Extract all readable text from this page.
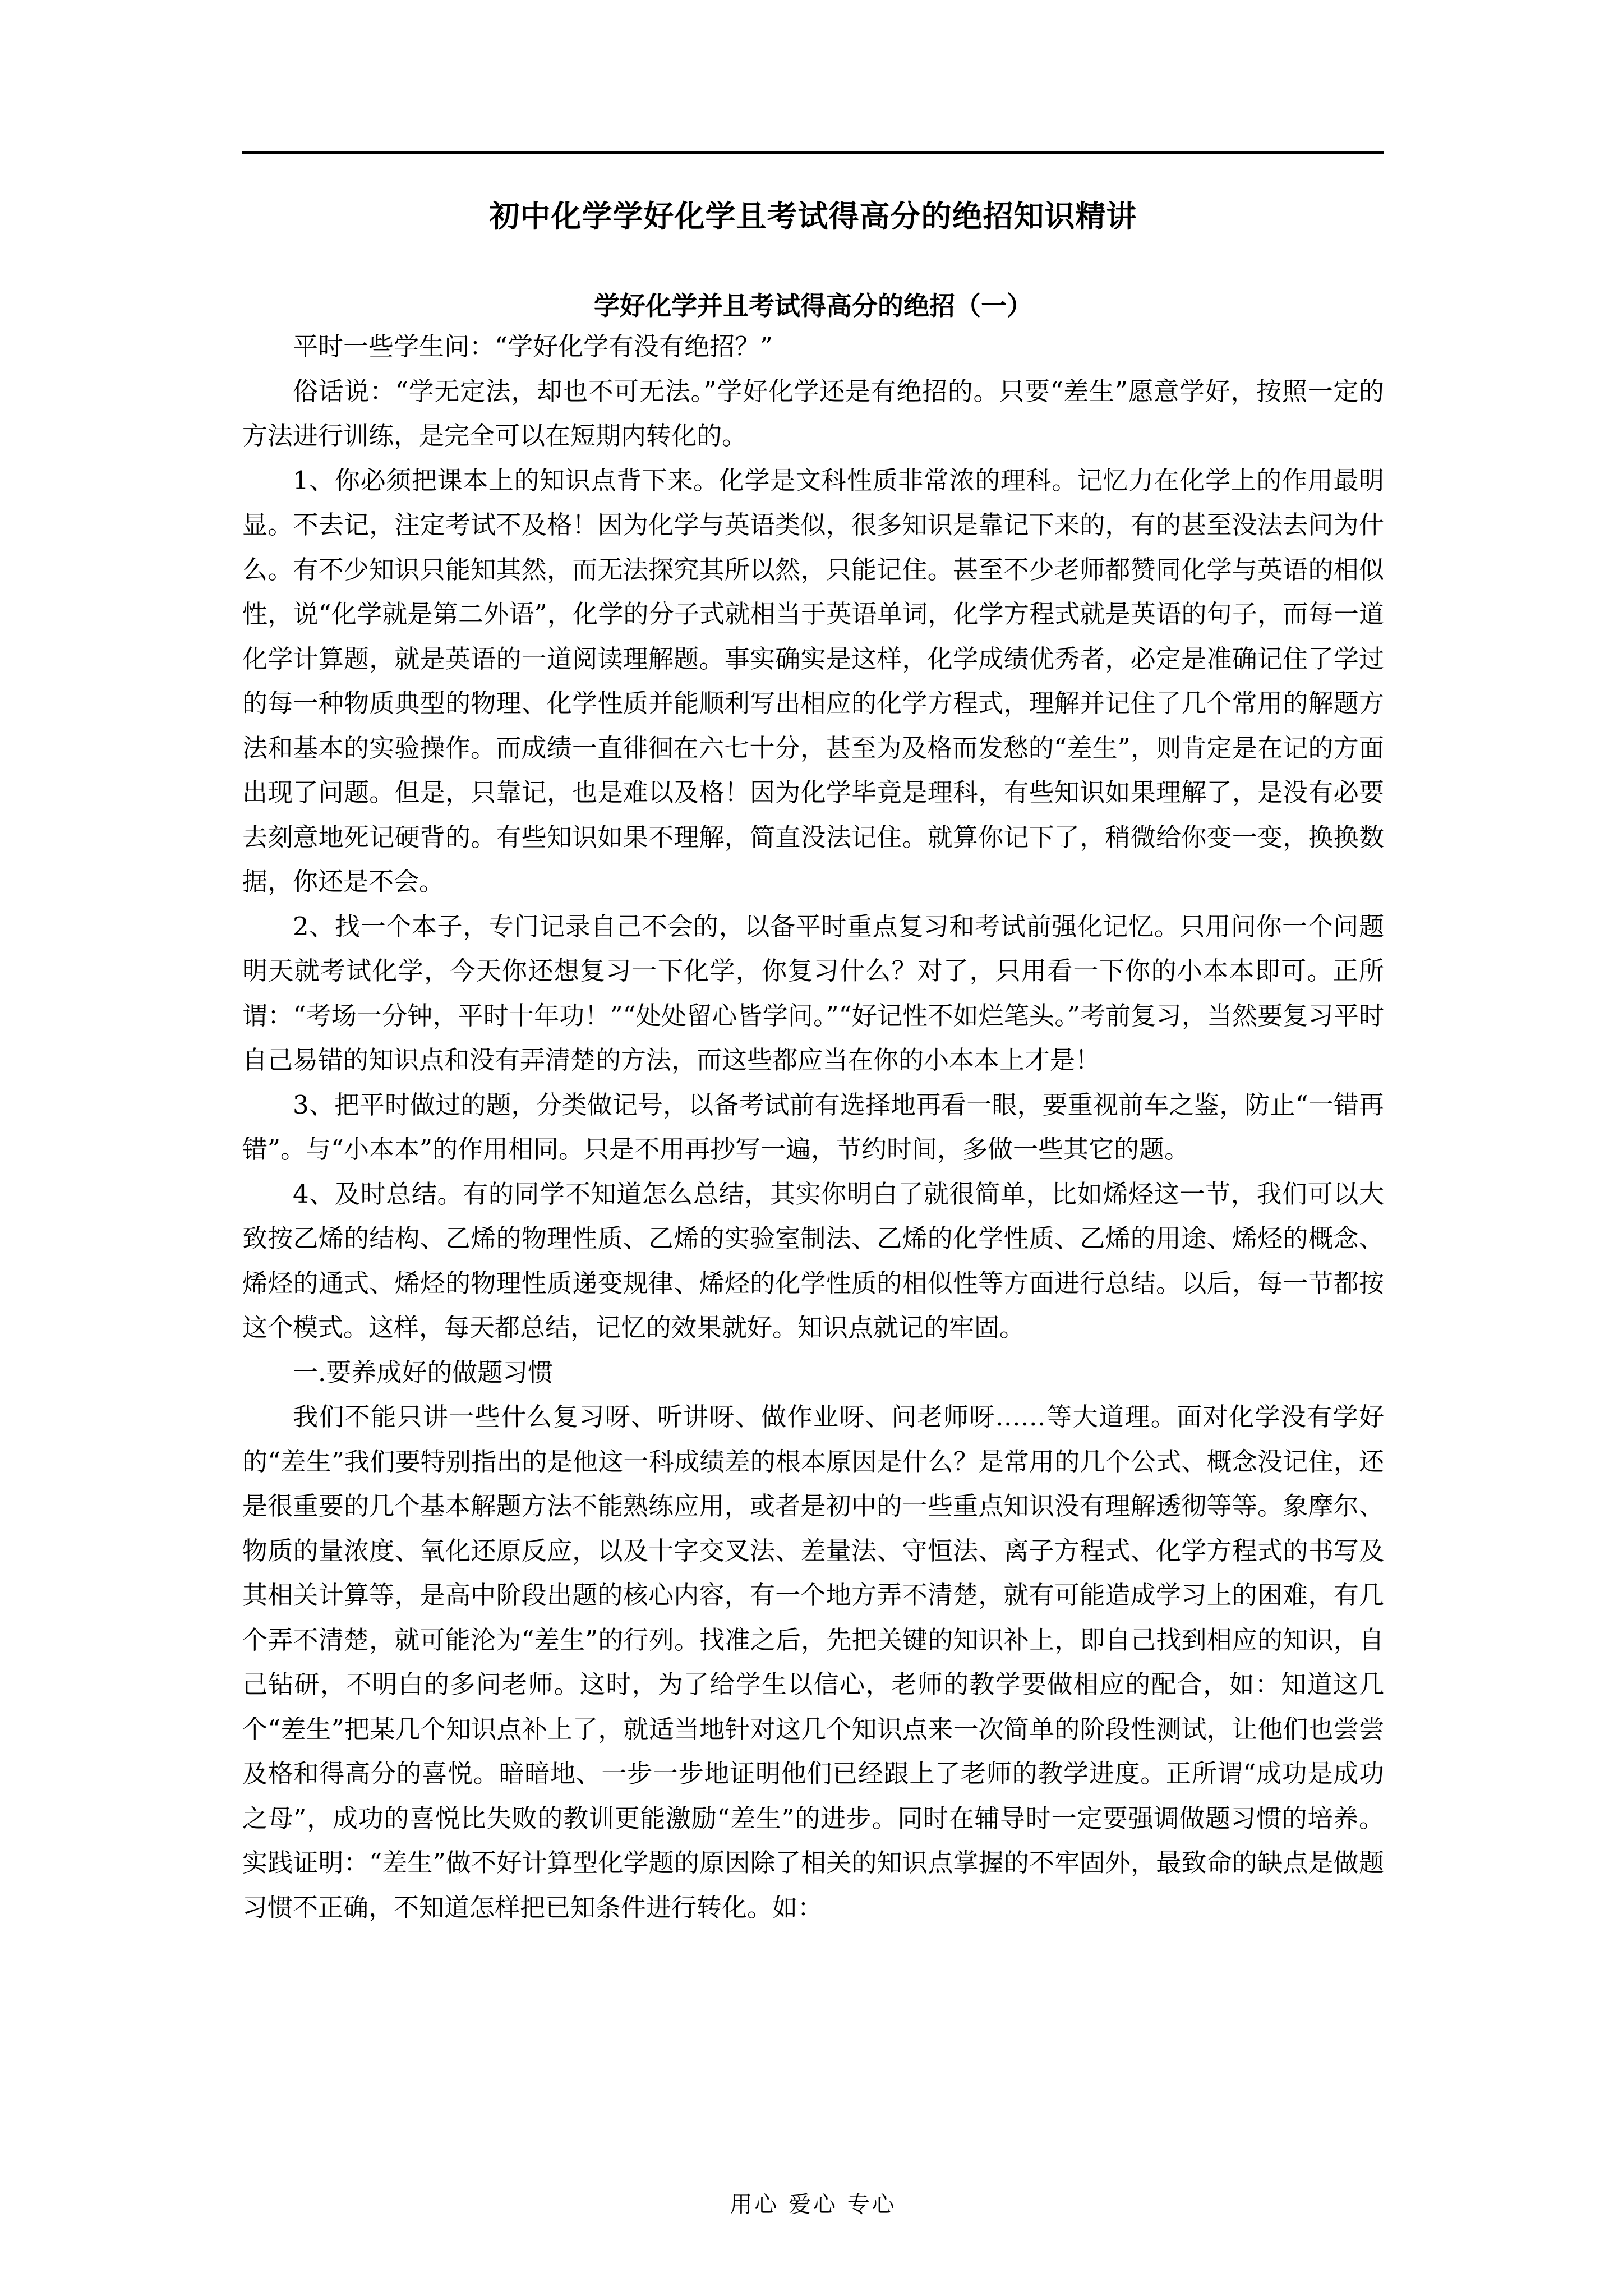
初中化学学好化学且考试得高分的绝招知识精讲
学好化学并且考试得高分的绝招（一）

平时一些学生问：“学好化学有没有绝招？”

俗话说：“学无定法，却也不可无法。”学好化学还是有绝招的。只要“差生”愿意学好，按照一定的方法进行训练，是完全可以在短期内转化的。

1、你必须把课本上的知识点背下来。化学是文科性质非常浓的理科。记忆力在化学上的作用最明显。不去记，注定考试不及格！因为化学与英语类似，很多知识是靠记下来的，有的甚至没法去问为什么。有不少知识只能知其然，而无法探究其所以然，只能记住。甚至不少老师都赞同化学与英语的相似性，说“化学就是第二外语”，化学的分子式就相当于英语单词，化学方程式就是英语的句子，而每一道化学计算题，就是英语的一道阅读理解题。事实确实是这样，化学成绩优秀者，必定是准确记住了学过的每一种物质典型的物理、化学性质并能顺利写出相应的化学方程式，理解并记住了几个常用的解题方法和基本的实验操作。而成绩一直徘徊在六七十分，甚至为及格而发愁的“差生”，则肯定是在记的方面出现了问题。但是，只靠记，也是难以及格！因为化学毕竟是理科，有些知识如果理解了，是没有必要去刻意地死记硬背的。有些知识如果不理解，简直没法记住。就算你记下了，稍微给你变一变，换换数据，你还是不会。

2、找一个本子，专门记录自己不会的，以备平时重点复习和考试前强化记忆。只用问你一个问题 明天就考试化学，今天你还想复习一下化学，你复习什么？对了，只用看一下你的小本本即可。正所谓：“考场一分钟，平时十年功！”“处处留心皆学问。”“好记性不如烂笔头。”考前复习，当然要复习平时自己易错的知识点和没有弄清楚的方法，而这些都应当在你的小本本上才是！

3、把平时做过的题，分类做记号，以备考试前有选择地再看一眼，要重视前车之鉴，防止“一错再错”。与“小本本”的作用相同。只是不用再抄写一遍，节约时间，多做一些其它的题。

4、及时总结。有的同学不知道怎么总结，其实你明白了就很简单，比如烯烃这一节，我们可以大致按乙烯的结构、乙烯的物理性质、乙烯的实验室制法、乙烯的化学性质、乙烯的用途、烯烃的概念、烯烃的通式、烯烃的物理性质递变规律、烯烃的化学性质的相似性等方面进行总结。以后，每一节都按这个模式。这样，每天都总结，记忆的效果就好。知识点就记的牢固。

一.要养成好的做题习惯

我们不能只讲一些什么复习呀、听讲呀、做作业呀、问老师呀……等大道理。面对化学没有学好的“差生”我们要特别指出的是他这一科成绩差的根本原因是什么？是常用的几个公式、概念没记住，还是很重要的几个基本解题方法不能熟练应用，或者是初中的一些重点知识没有理解透彻等等。象摩尔、物质的量浓度、氧化还原反应，以及十字交叉法、差量法、守恒法、离子方程式、化学方程式的书写及其相关计算等，是高中阶段出题的核心内容，有一个地方弄不清楚，就有可能造成学习上的困难，有几个弄不清楚，就可能沦为“差生”的行列。找准之后，先把关键的知识补上，即自己找到相应的知识，自己钻研，不明白的多问老师。这时，为了给学生以信心，老师的教学要做相应的配合，如：知道这几个“差生”把某几个知识点补上了，就适当地针对这几个知识点来一次简单的阶段性测试，让他们也尝尝及格和得高分的喜悦。暗暗地、一步一步地证明他们已经跟上了老师的教学进度。正所谓“成功是成功之母”，成功的喜悦比失败的教训更能激励“差生”的进步。同时在辅导时一定要强调做题习惯的培养。实践证明：“差生”做不好计算型化学题的原因除了相关的知识点掌握的不牢固外，最致命的缺点是做题习惯不正确，不知道怎样把已知条件进行转化。如：

用心 爱心 专心
